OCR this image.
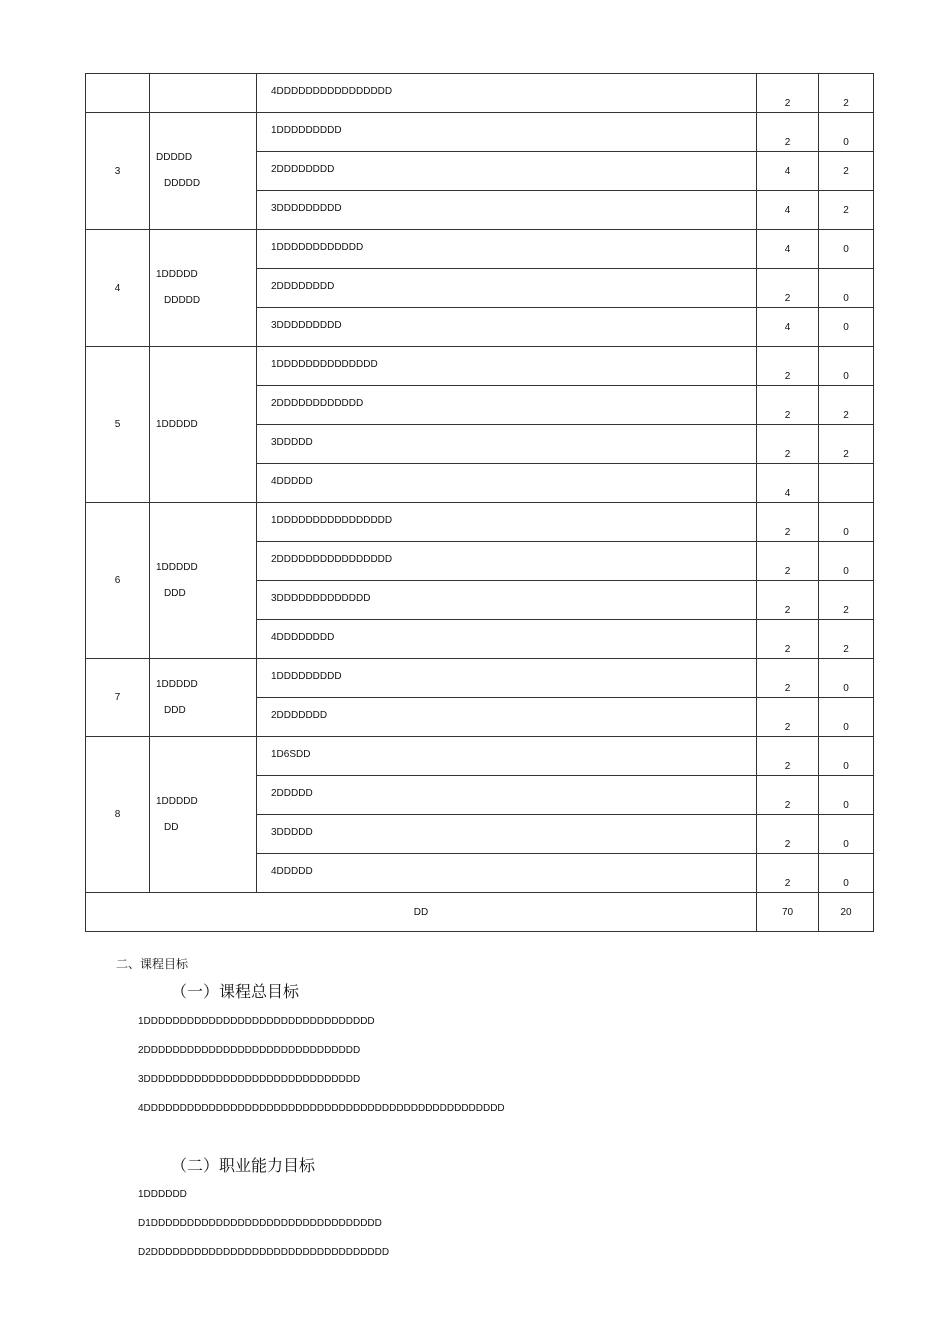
	4DDDDDDDDDDDDDDDD	2	2
3	DDDDD
DDDDD	1DDDDDDDDD	2	0
		2DDDDDDDD	4	2
		3DDDDDDDDD	4	2
4	1DDDDD
DDDDD	1DDDDDDDDDDDD	4	0
		2DDDDDDDD	2	0
		3DDDDDDDDD	4	0
5	1DDDDD	1DDDDDDDDDDDDDD	2	0
		2DDDDDDDDDDDD	2	2
		3DDDDD	2	2
		4DDDDD	4	
6	1DDDDD
DDD	1DDDDDDDDDDDDDDDD	2	0
		2DDDDDDDDDDDDDDDD	2	0
		3DDDDDDDDDDDDD	2	2
		4DDDDDDDD	2	2
7	1DDDDD
DDD	1DDDDDDDDD	2	0
		2DDDDDDD	2	0
8	1DDDDD
DD	1D6SDD	2	0
		2DDDDD	2	0
		3DDDDD	2	0
		4DDDDD	2	0
DD			70	20
二、课程目标
（一）课程总目标
1DDDDDDDDDDDDDDDDDDDDDDDDDDDDDDDD
2DDDDDDDDDDDDDDDDDDDDDDDDDDDDDD
3DDDDDDDDDDDDDDDDDDDDDDDDDDDDDD
4DDDDDDDDDDDDDDDDDDDDDDDDDDDDDDDDDDDDDDDDDDDDDDDDDD
（二）职业能力目标
1DDDDDD
D1DDDDDDDDDDDDDDDDDDDDDDDDDDDDDDDD
D2DDDDDDDDDDDDDDDDDDDDDDDDDDDDDDDDD
